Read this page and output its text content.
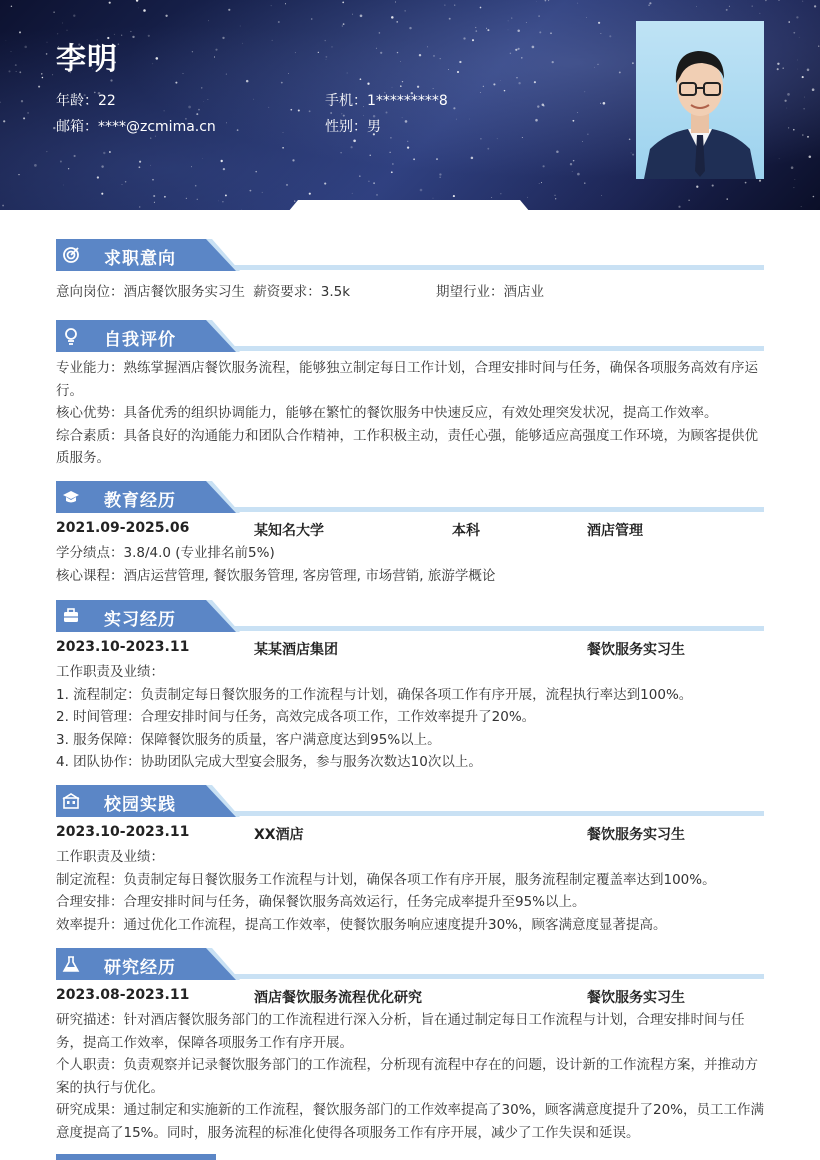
李明
年龄：22	手机：1*********8
邮箱：****@zcmima.cn	性别：男
求职意向
意向岗位：酒店餐饮服务实习生 薪资要求：3.5k	期望行业：酒店业
自我评价
专业能力：熟练掌握酒店餐饮服务流程，能够独立制定每日工作计划，合理安排时间与任务，确保各项服务高效有序运行。
核心优势：具备优秀的组织协调能力，能够在繁忙的餐饮服务中快速反应，有效处理突发状况，提高工作效率。
综合素质：具备良好的沟通能力和团队合作精神，工作积极主动，责任心强，能够适应高强度工作环境，为顾客提供优质服务。
教育经历
2021.09-2025.06	某知名大学	本科	酒店管理
学分绩点：3.8/4.0 (专业排名前5%)
核心课程：酒店运营管理, 餐饮服务管理, 客房管理, 市场营销, 旅游学概论
实习经历
2023.10-2023.11	某某酒店集团	餐饮服务实习生
工作职责及业绩：
1. 流程制定：负责制定每日餐饮服务的工作流程与计划，确保各项工作有序开展，流程执行率达到100%。
2. 时间管理：合理安排时间与任务，高效完成各项工作，工作效率提升了20%。
3. 服务保障：保障餐饮服务的质量，客户满意度达到95%以上。
4. 团队协作：协助团队完成大型宴会服务，参与服务次数达10次以上。
校园实践
2023.10-2023.11	XX酒店	餐饮服务实习生
工作职责及业绩：
制定流程：负责制定每日餐饮服务工作流程与计划，确保各项工作有序开展，服务流程制定覆盖率达到100%。
合理安排：合理安排时间与任务，确保餐饮服务高效运行，任务完成率提升至95%以上。
效率提升：通过优化工作流程，提高工作效率，使餐饮服务响应速度提升30%，顾客满意度显著提高。
研究经历
2023.08-2023.11	酒店餐饮服务流程优化研究	餐饮服务实习生
研究描述：针对酒店餐饮服务部门的工作流程进行深入分析，旨在通过制定每日工作流程与计划，合理安排时间与任务，提高工作效率，保障各项服务工作有序开展。
个人职责：负责观察并记录餐饮服务部门的工作流程，分析现有流程中存在的问题，设计新的工作流程方案，并推动方案的执行与优化。
研究成果：通过制定和实施新的工作流程，餐饮服务部门的工作效率提高了30%，顾客满意度提升了20%，员工工作满意度提高了15%。同时，服务流程的标准化使得各项服务工作有序开展，减少了工作失误和延误。
